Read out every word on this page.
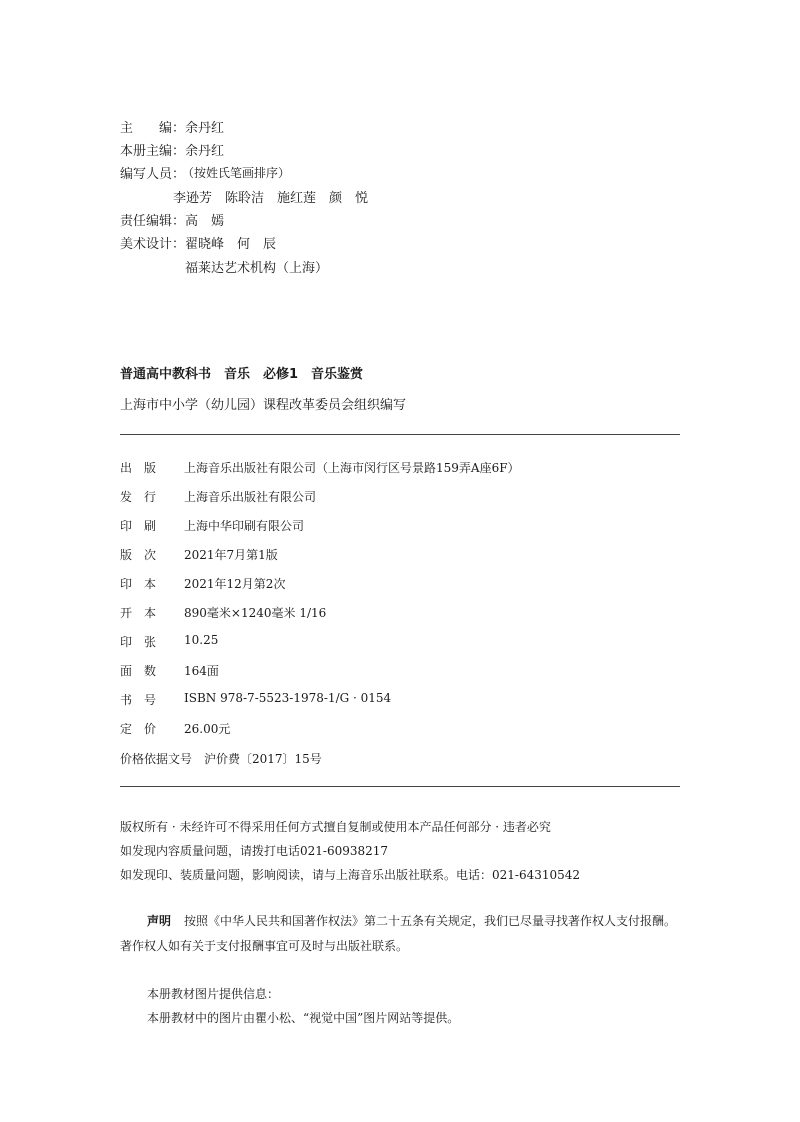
主 编： 余丹红
本册主编： 余丹红
编写人员：
（按姓氏笔画排序）
李逊芳　陈聆洁　施红莲　颜　悦
责任编辑： 高　嫣
美术设计： 翟晓峰　何　辰
福莱达艺术机构（上海）
普通高中教科书　音乐　必修1　音乐鉴赏
上海市中小学（幼儿园）课程改革委员会组织编写
出　版 上海音乐出版社有限公司（上海市闵行区号景路159弄A座6F）
发　行 上海音乐出版社有限公司
印　刷 上海中华印刷有限公司
版　次 2021年7月第1版
印　本 2021年12月第2次
开　本 890毫米×1240毫米 1/16
印　张 10.25
面　数 164面
书　号 ISBN 978-7-5523-1978-1/G · 0154
定　价 26.00元
价格依据文号　沪价费〔2017〕15号
版权所有 · 未经许可不得采用任何方式擅自复制或使用本产品任何部分 · 违者必究
如发现内容质量问题，请拨打电话021-60938217
如发现印、装质量问题，影响阅读，请与上海音乐出版社联系。电话：021-64310542
声明 按照《中华人民共和国著作权法》第二十五条有关规定，我们已尽量寻找著作权人支付报酬。
著作权人如有关于支付报酬事宜可及时与出版社联系。
本册教材图片提供信息：
本册教材中的图片由瞿小松、“视觉中国”图片网站等提供。
